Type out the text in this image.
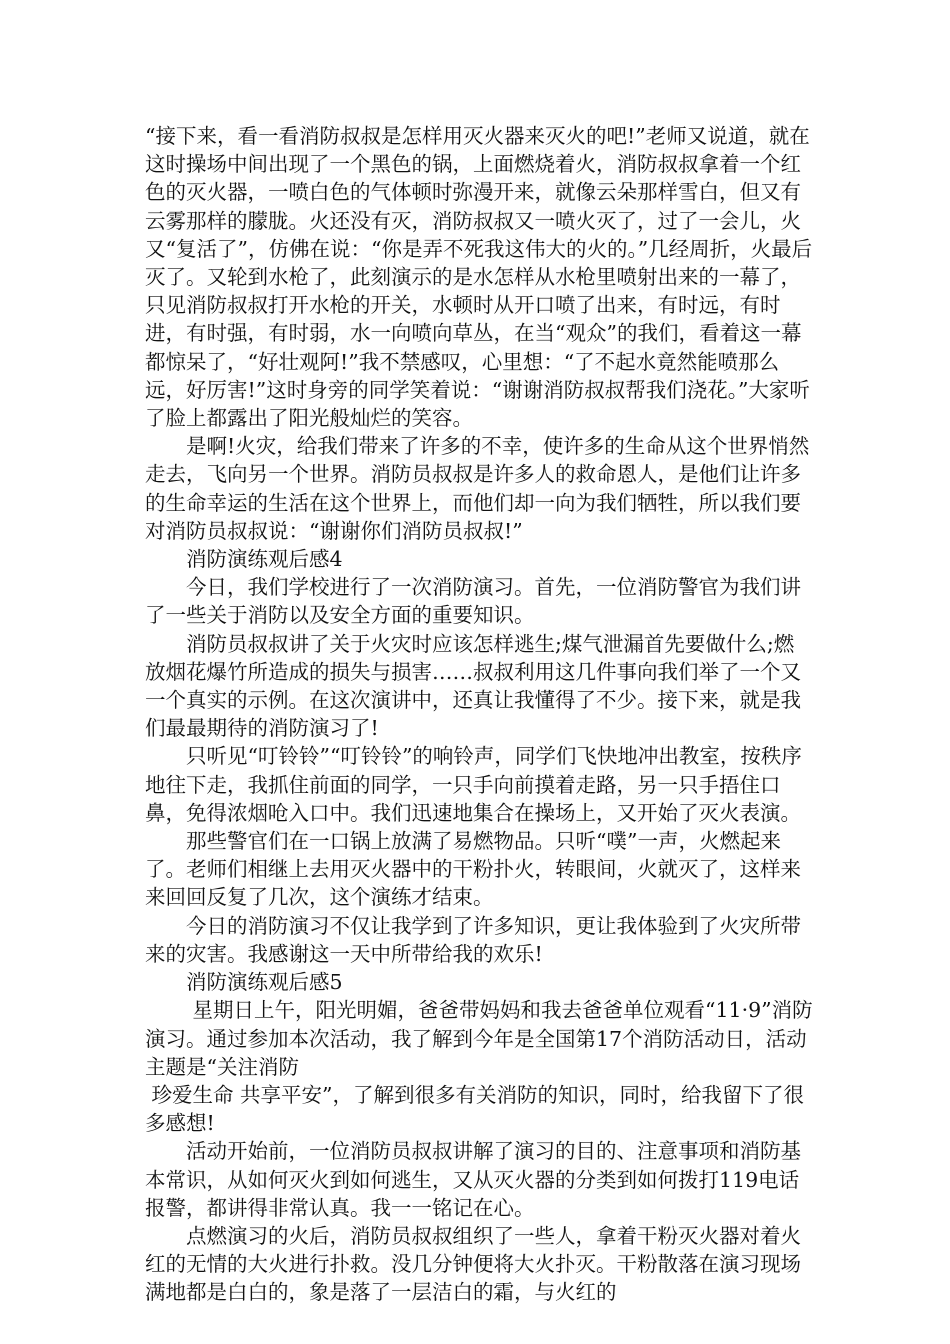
“接下来，看一看消防叔叔是怎样用灭火器来灭火的吧!”老师又说道，就在这时操场中间出现了一个黑色的锅，上面燃烧着火，消防叔叔拿着一个红色的灭火器，一喷白色的气体顿时弥漫开来，就像云朵那样雪白，但又有云雾那样的朦胧。火还没有灭，消防叔叔又一喷火灭了，过了一会儿，火又“复活了”，仿佛在说：“你是弄不死我这伟大的火的。”几经周折，火最后灭了。又轮到水枪了，此刻演示的是水怎样从水枪里喷射出来的一幕了，只见消防叔叔打开水枪的开关，水顿时从开口喷了出来，有时远，有时进，有时强，有时弱，水一向喷向草丛，在当“观众”的我们，看着这一幕都惊呆了，“好壮观阿!”我不禁感叹，心里想：“了不起水竟然能喷那么远，好厉害!”这时身旁的同学笑着说：“谢谢消防叔叔帮我们浇花。”大家听了脸上都露出了阳光般灿烂的笑容。

　　是啊!火灾，给我们带来了许多的不幸，使许多的生命从这个世界悄然走去，飞向另一个世界。消防员叔叔是许多人的救命恩人，是他们让许多的生命幸运的生活在这个世界上，而他们却一向为我们牺牲，所以我们要对消防员叔叔说：“谢谢你们消防员叔叔!”

　　消防演练观后感4

　　今日，我们学校进行了一次消防演习。首先，一位消防警官为我们讲了一些关于消防以及安全方面的重要知识。

　　消防员叔叔讲了关于火灾时应该怎样逃生;煤气泄漏首先要做什么;燃放烟花爆竹所造成的损失与损害……叔叔利用这几件事向我们举了一个又一个真实的示例。在这次演讲中，还真让我懂得了不少。接下来，就是我们最最期待的消防演习了!

　　只听见“叮铃铃”“叮铃铃”的响铃声，同学们飞快地冲出教室，按秩序地往下走，我抓住前面的同学，一只手向前摸着走路，另一只手捂住口鼻，免得浓烟呛入口中。我们迅速地集合在操场上，又开始了灭火表演。

　　那些警官们在一口锅上放满了易燃物品。只听“噗”一声，火燃起来了。老师们相继上去用灭火器中的干粉扑火，转眼间，火就灭了，这样来来回回反复了几次，这个演练才结束。

　　今日的消防演习不仅让我学到了许多知识，更让我体验到了火灾所带来的灾害。我感谢这一天中所带给我的欢乐!

　　消防演练观后感5

　　 星期日上午，阳光明媚，爸爸带妈妈和我去爸爸单位观看“11·9”消防演习。通过参加本次活动，我了解到今年是全国第17个消防活动日，活动主题是“关注消防
珍爱生命 共享平安”，了解到很多有关消防的知识，同时，给我留下了很多感想!

　　活动开始前，一位消防员叔叔讲解了演习的目的、注意事项和消防基本常识，从如何灭火到如何逃生，又从灭火器的分类到如何拨打119电话报警，都讲得非常认真。我一一铭记在心。

　　点燃演习的火后，消防员叔叔组织了一些人，拿着干粉灭火器对着火红的无情的大火进行扑救。没几分钟便将大火扑灭。干粉散落在演习现场满地都是白白的，象是落了一层洁白的霜，与火红的
